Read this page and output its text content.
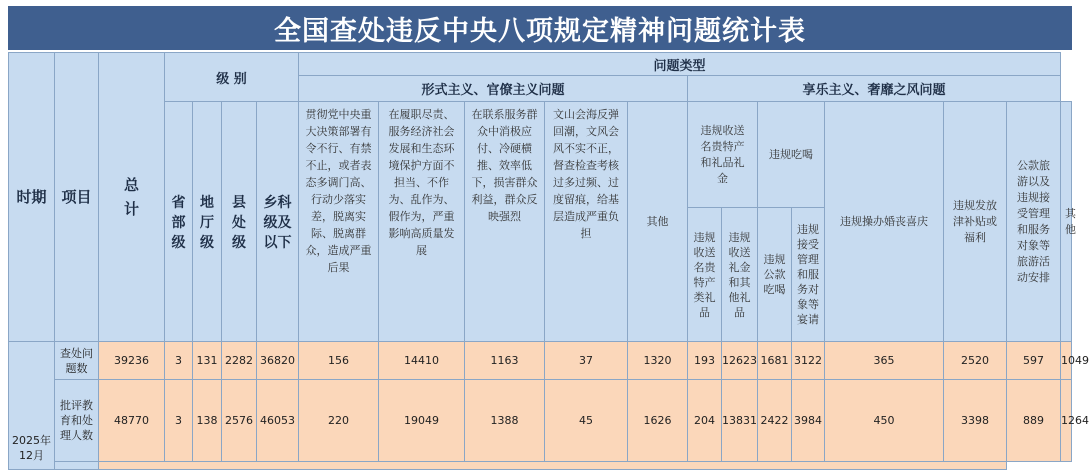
全国查处违反中央八项规定精神问题统计表
时期	项目	总计	级 别				问题类型												
							形式主义、官僚主义问题					享乐主义、奢靡之风问题							
			省部级	地厅级	县处级	乡科级及以下	贯彻党中央重大决策部署有令不行、有禁不止，或者表态多调门高、行动少落实差，脱离实际、脱离群众，造成严重后果	在履职尽责、服务经济社会发展和生态环境保护方面不担当、不作为、乱作为、假作为，严重影响高质量发展	在联系服务群众中消极应付、冷硬横推、效率低下，损害群众利益，群众反映强烈	文山会海反弹回潮，文风会风不实不正，督查检查考核过多过频、过度留痕，给基层造成严重负担	其他	违规收送名贵特产和礼品礼金		违规吃喝		违规操办婚丧喜庆	违规发放津补贴或福利	公款旅游以及违规接受管理和服务对象等旅游活动安排	其他
												违规收送名贵特产类礼品	违规收送礼金和其他礼品	违规公款吃喝	违规接受管理和服务对象等宴请				
2025年12月	查处问题数	39236	3	131	2282	36820	156	14410	1163	37	1320	193	12623	1681	3122	365	2520	597	1049
	批评教育和处理人数	48770	3	138	2576	46053	220	19049	1388	45	1626	204	13831	2422	3984	450	3398	889	1264
